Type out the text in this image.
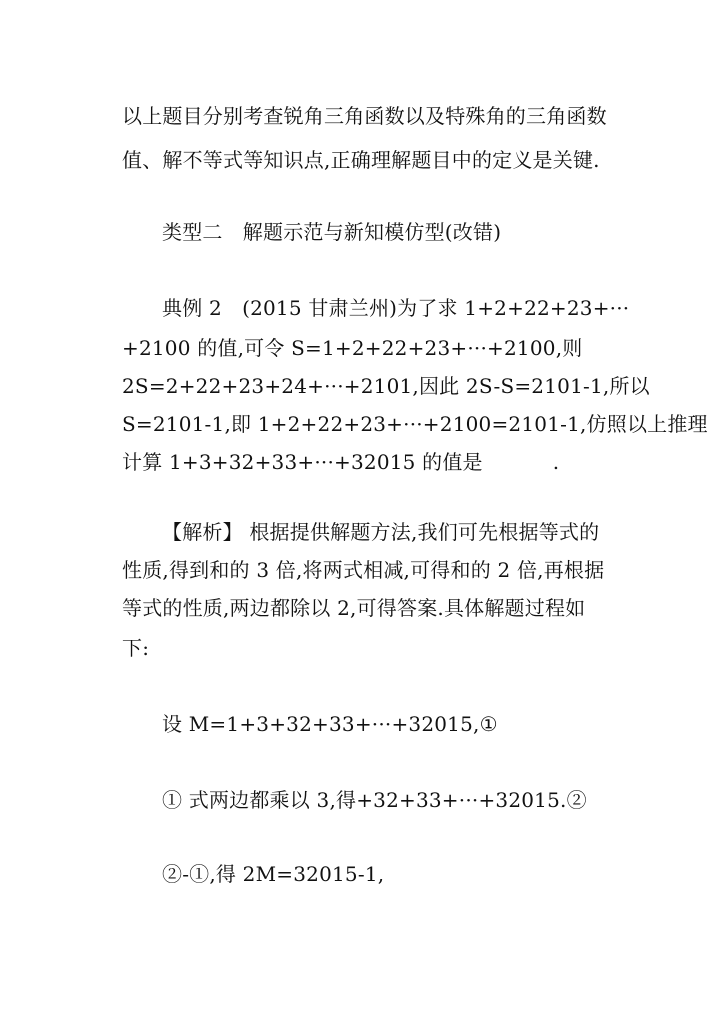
以上题目分别考查锐角三角函数以及特殊角的三角函数
值、解不等式等知识点,正确理解题目中的定义是关键.
类型二　解题示范与新知模仿型(改错)
典例 2　(2015 甘肃兰州)为了求 1+2+22+23+···
+2100 的值,可令 S=1+2+22+23+···+2100,则
2S=2+22+23+24+···+2101,因此 2S-S=2101-1,所以
S=2101-1,即 1+2+22+23+···+2100=2101-1,仿照以上推理
计算 1+3+32+33+···+32015 的值是	.
【解析】 根据提供解题方法,我们可先根据等式的
性质,得到和的 3 倍,将两式相减,可得和的 2 倍,再根据
等式的性质,两边都除以 2,可得答案.具体解题过程如
下:
设 M=1+3+32+33+···+32015,①
① 式两边都乘以 3,得+32+33+···+32015.②
②-①,得 2M=32015-1,
